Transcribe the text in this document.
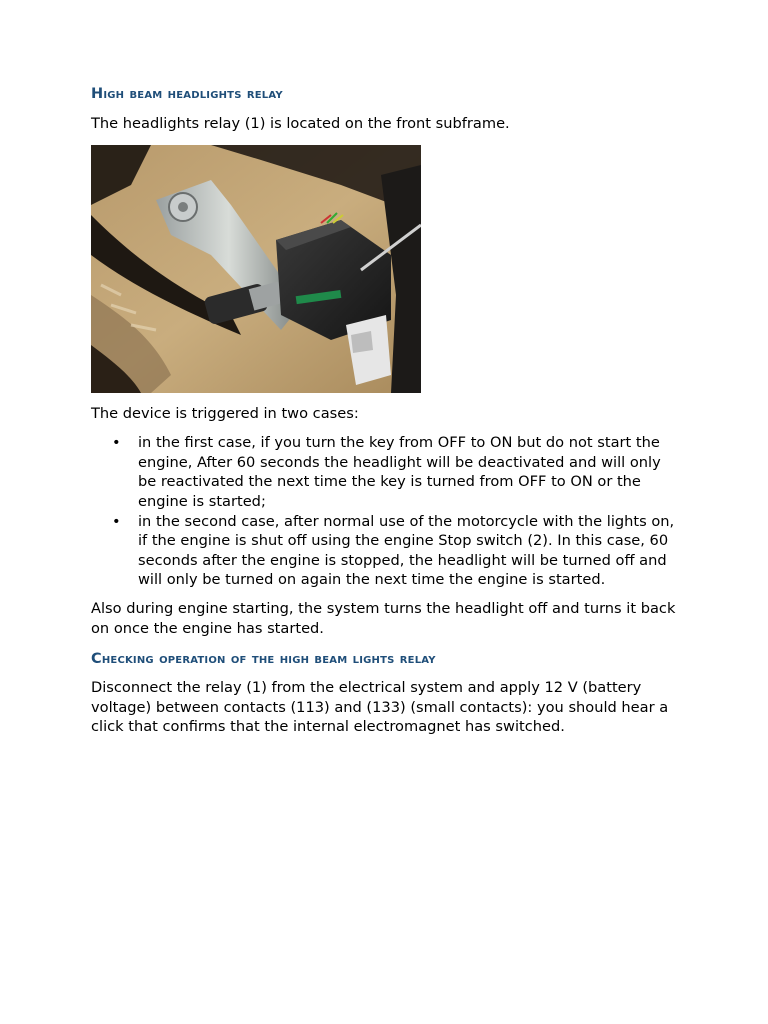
High beam headlights relay

The headlights relay (1) is located on the front subframe.

The device is triggered in two cases:

• in the first case, if you turn the key from OFF to ON but do not start the engine, After 60 seconds the headlight will be deactivated and will only be reactivated the next time the key is turned from OFF to ON or the engine is started;
• in the second case, after normal use of the motorcycle with the lights on, if the engine is shut off using the engine Stop switch (2). In this case, 60 seconds after the engine is stopped, the headlight will be turned off and will only be turned on again the next time the engine is started.

Also during engine starting, the system turns the headlight off and turns it back on once the engine has started.

Checking operation of the high beam lights relay

Disconnect the relay (1) from the electrical system and apply 12 V (battery voltage) between contacts (113) and (133) (small contacts): you should hear a click that confirms that the internal electromagnet has switched.
